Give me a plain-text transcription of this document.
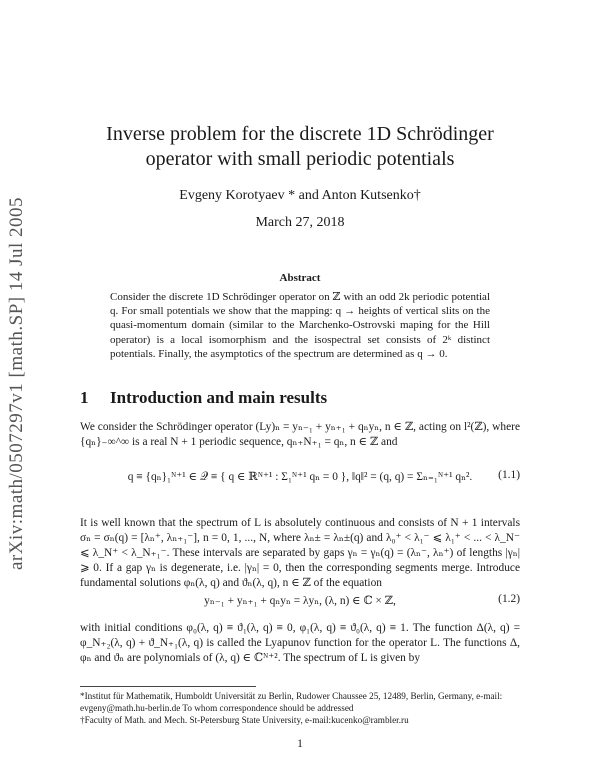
arXiv:math/0507297v1 [math.SP] 14 Jul 2005
Inverse problem for the discrete 1D Schrödinger operator with small periodic potentials
Evgeny Korotyaev * and Anton Kutsenko†
March 27, 2018
Abstract
Consider the discrete 1D Schrödinger operator on ℤ with an odd 2k periodic potential q. For small potentials we show that the mapping: q → heights of vertical slits on the quasi-momentum domain (similar to the Marchenko-Ostrovski maping for the Hill operator) is a local isomorphism and the isospectral set consists of 2ᵏ distinct potentials. Finally, the asymptotics of the spectrum are determined as q → 0.
1 Introduction and main results
We consider the Schrödinger operator (Ly)ₙ = yₙ₋₁ + yₙ₊₁ + qₙyₙ, n ∈ ℤ, acting on l²(ℤ), where {qₙ}₋∞^∞ is a real N + 1 periodic sequence, qₙ₊N₊₁ = qₙ, n ∈ ℤ and
q ≡ {qₙ}₁ᴺ⁺¹ ∈ 𝒬 ≡ { q ∈ ℝᴺ⁺¹ : Σ₁ᴺ⁺¹ qₙ = 0 }, ‖q‖² = (q, q) = Σₙ₌₁ᴺ⁺¹ qₙ².	(1.1)
It is well known that the spectrum of L is absolutely continuous and consists of N + 1 intervals σₙ = σₙ(q) = [λₙ⁺, λₙ₊₁⁻], n = 0, 1, ..., N, where λₙ± = λₙ±(q) and λ₀⁺ < λ₁⁻ ⩽ λ₁⁺ < ... < λ_N⁻ ⩽ λ_N⁺ < λ_N₊₁⁻. These intervals are separated by gaps γₙ = γₙ(q) = (λₙ⁻, λₙ⁺) of lengths |γₙ| ⩾ 0. If a gap γₙ is degenerate, i.e. |γₙ| = 0, then the corresponding segments merge. Introduce fundamental solutions φₙ(λ, q) and ϑₙ(λ, q), n ∈ ℤ of the equation
yₙ₋₁ + yₙ₊₁ + qₙyₙ = λyₙ, (λ, n) ∈ ℂ × ℤ,	(1.2)
with initial conditions φ₀(λ, q) ≡ ϑ₁(λ, q) ≡ 0, φ₁(λ, q) ≡ ϑ₀(λ, q) ≡ 1. The function Δ(λ, q) = φ_N₊₂(λ, q) + ϑ_N₊₁(λ, q) is called the Lyapunov function for the operator L. The functions Δ, φₙ and ϑₙ are polynomials of (λ, q) ∈ ℂᴺ⁺². The spectrum of L is given by
*Institut für Mathematik, Humboldt Universität zu Berlin, Rudower Chaussee 25, 12489, Berlin, Germany, e-mail: evgeny@math.hu-berlin.de To whom correspondence should be addressed
†Faculty of Math. and Mech. St-Petersburg State University, e-mail:kucenko@rambler.ru
1
